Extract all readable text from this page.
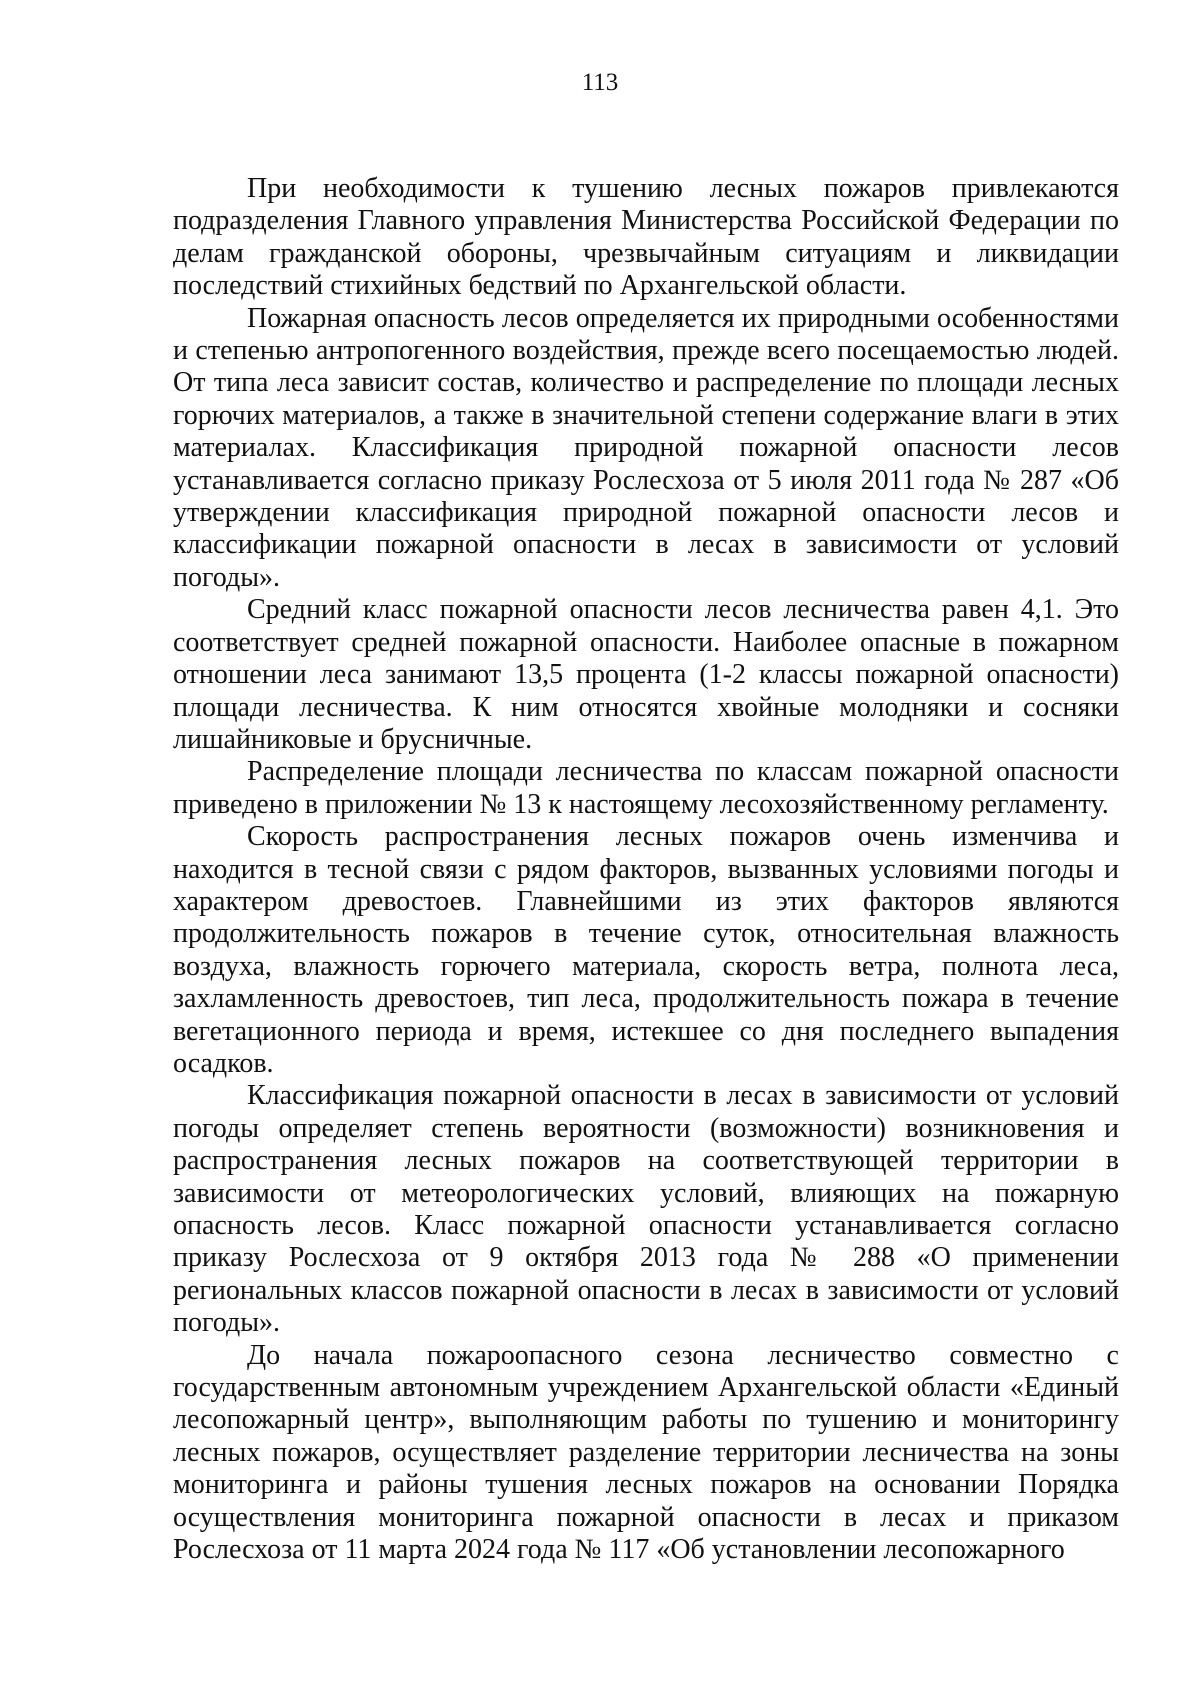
113

При необходимости к тушению лесных пожаров привлекаются подразделения Главного управления Министерства Российской Федерации по делам гражданской обороны, чрезвычайным ситуациям и ликвидации последствий стихийных бедствий по Архангельской области.

Пожарная опасность лесов определяется их природными особенностями и степенью антропогенного воздействия, прежде всего посещаемостью людей. От типа леса зависит состав, количество и распределение по площади лесных горючих материалов, а также в значительной степени содержание влаги в этих материалах. Классификация природной пожарной опасности лесов устанавливается согласно приказу Рослесхоза от 5 июля 2011 года № 287 «Об утверждении классификация природной пожарной опасности лесов и классификации пожарной опасности в лесах в зависимости от условий погоды».

Средний класс пожарной опасности лесов лесничества равен 4,1. Это соответствует средней пожарной опасности. Наиболее опасные в пожарном отношении леса занимают 13,5 процента (1-2 классы пожарной опасности) площади лесничества. К ним относятся хвойные молодняки и сосняки лишайниковые и брусничные.

Распределение площади лесничества по классам пожарной опасности приведено в приложении № 13 к настоящему лесохозяйственному регламенту.

Скорость распространения лесных пожаров очень изменчива и находится в тесной связи с рядом факторов, вызванных условиями погоды и характером древостоев. Главнейшими из этих факторов являются продолжительность пожаров в течение суток, относительная влажность воздуха, влажность горючего материала, скорость ветра, полнота леса, захламленность древостоев, тип леса, продолжительность пожара в течение вегетационного периода и время, истекшее со дня последнего выпадения осадков.

Классификация пожарной опасности в лесах в зависимости от условий погоды определяет степень вероятности (возможности) возникновения и распространения лесных пожаров на соответствующей территории в зависимости от метеорологических условий, влияющих на пожарную опасность лесов. Класс пожарной опасности устанавливается согласно приказу Рослесхоза от 9 октября 2013 года № 288 «О применении региональных классов пожарной опасности в лесах в зависимости от условий погоды».

До начала пожароопасного сезона лесничество совместно с государственным автономным учреждением Архангельской области «Единый лесопожарный центр», выполняющим работы по тушению и мониторингу лесных пожаров, осуществляет разделение территории лесничества на зоны мониторинга и районы тушения лесных пожаров на основании Порядка осуществления мониторинга пожарной опасности в лесах и приказом Рослесхоза от 11 марта 2024 года № 117 «Об установлении лесопожарного
